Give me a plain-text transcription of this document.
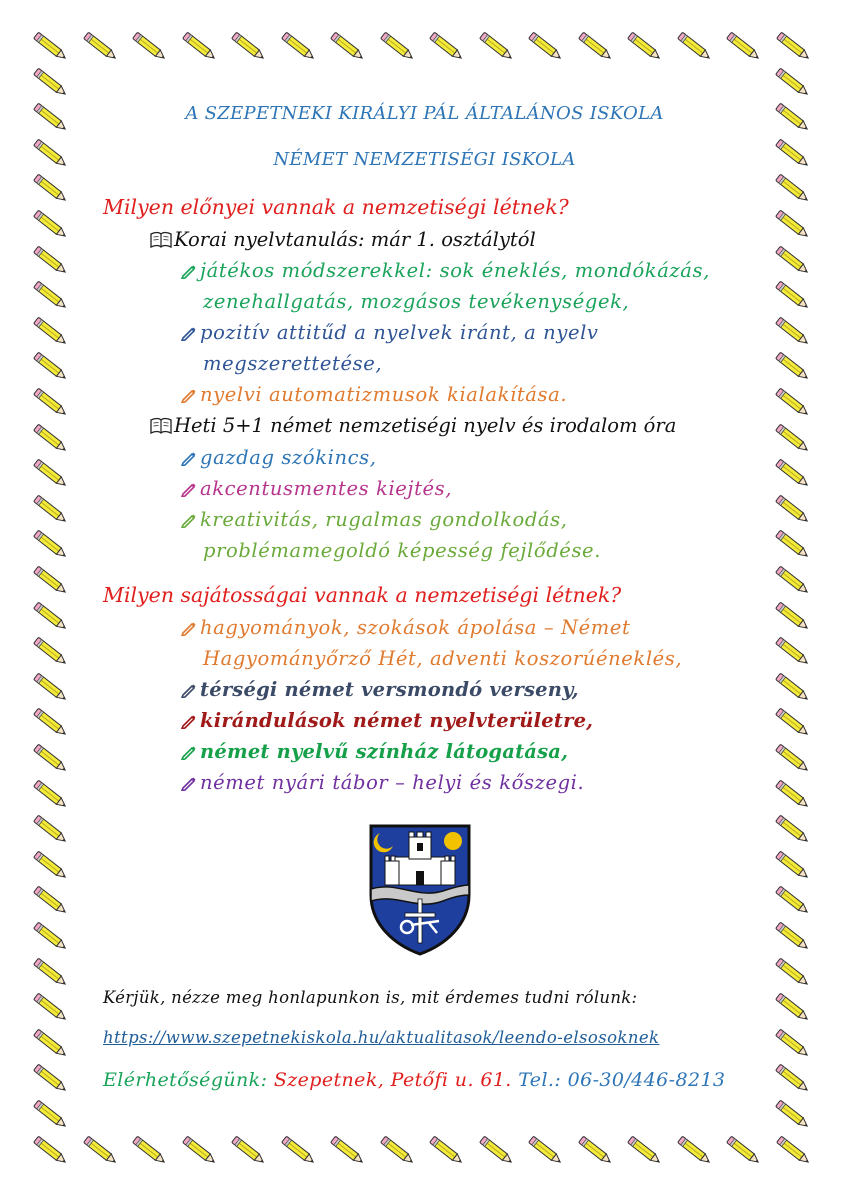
A SZEPETNEKI KIRÁLYI PÁL ÁLTALÁNOS ISKOLA
NÉMET NEMZETISÉGI ISKOLA
Milyen előnyei vannak a nemzetiségi létnek?
Korai nyelvtanulás: már 1. osztálytól
játékos módszerekkel: sok éneklés, mondókázás,
zenehallgatás, mozgásos tevékenységek,
pozitív attitűd a nyelvek iránt, a nyelv
megszerettetése,
nyelvi automatizmusok kialakítása.
Heti 5+1 német nemzetiségi nyelv és irodalom óra
gazdag szókincs,
akcentusmentes kiejtés,
kreativitás, rugalmas gondolkodás,
problémamegoldó képesség fejlődése.
Milyen sajátosságai vannak a nemzetiségi létnek?
hagyományok, szokások ápolása – Német
Hagyományőrző Hét, adventi koszorúéneklés,
térségi német versmondó verseny,
kirándulások német nyelvterületre,
német nyelvű színház látogatása,
német nyári tábor – helyi és kőszegi.
Kérjük, nézze meg honlapunkon is, mit érdemes tudni rólunk:
https://www.szepetnekiskola.hu/aktualitasok/leendo-elsosoknek
Elérhetőségünk: Szepetnek, Petőfi u. 61. Tel.: 06-30/446-8213
